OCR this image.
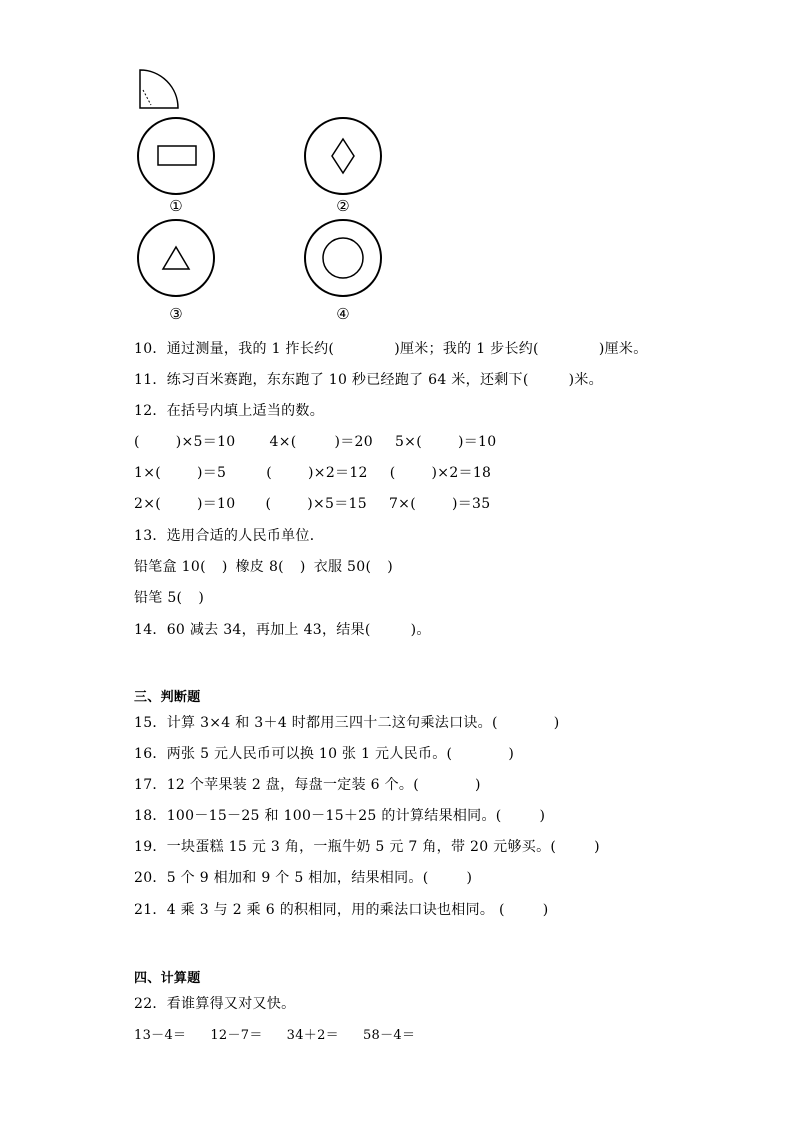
①	②
③	④
10．通过测量，我的 1 拃长约(	)厘米；我的 1 步长约(	)厘米。
11．练习百米赛跑，东东跑了 10 秒已经跑了 64 米，还剩下(	)米。
12．在括号内填上适当的数。
(	)×5＝10 4×(	)＝20 5×(	)＝10
1×(	)＝5	(	)×2＝12 (	)×2＝18
2×(	)＝10 (	)×5＝15 7×(	)＝35
13．选用合适的人民币单位．
铅笔盒 10( ) 橡皮 8( ) 衣服 50( )
铅笔 5( )
14．60 减去 34，再加上 43，结果(	)。
三、判断题
15．计算 3×4 和 3＋4 时都用三四十二这句乘法口诀。(	)
16．两张 5 元人民币可以换 10 张 1 元人民币。(	)
17．12 个苹果装 2 盘，每盘一定装 6 个。(	)
18．100－15－25 和 100－15＋25 的计算结果相同。(	)
19．一块蛋糕 15 元 3 角，一瓶牛奶 5 元 7 角，带 20 元够买。(	)
20．5 个 9 相加和 9 个 5 相加，结果相同。(	)
21．4 乘 3 与 2 乘 6 的积相同，用的乘法口诀也相同。 (	)
四、计算题
22．看谁算得又对又快。
13－4＝ 12－7＝ 34＋2＝ 58－4＝
